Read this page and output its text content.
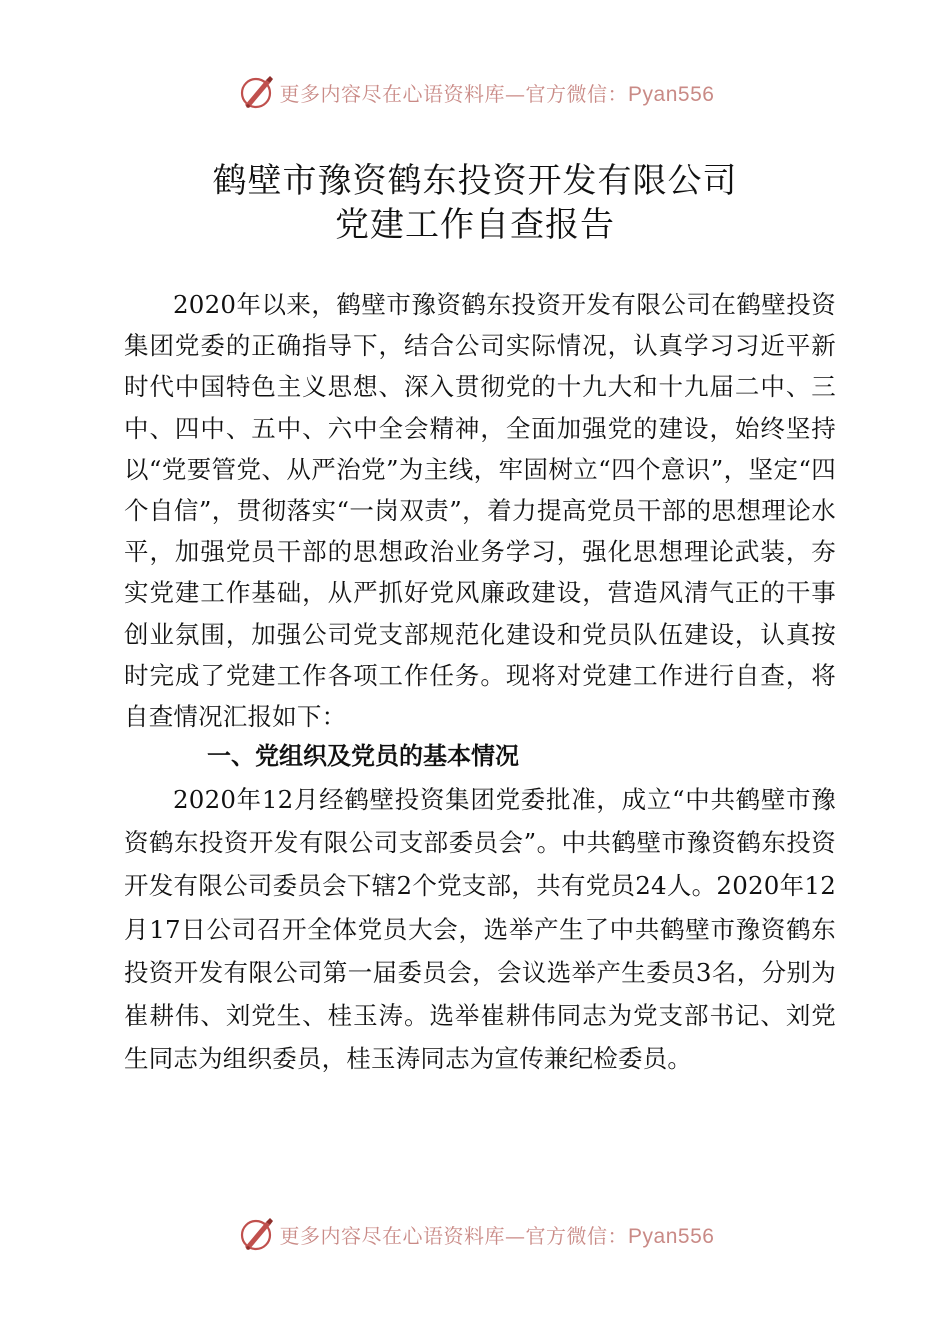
更多内容尽在心语资料库—官方微信：Pyan556
鹤壁市豫资鹤东投资开发有限公司
党建工作自查报告

2020年以来，鹤壁市豫资鹤东投资开发有限公司在鹤壁投资集团党委的正确指导下，结合公司实际情况，认真学习习近平新时代中国特色主义思想、深入贯彻党的十九大和十九届二中、三中、四中、五中、六中全会精神，全面加强党的建设，始终坚持以“党要管党、从严治党”为主线，牢固树立“四个意识”，坚定“四个自信”，贯彻落实“一岗双责”，着力提高党员干部的思想理论水平，加强党员干部的思想政治业务学习，强化思想理论武装，夯实党建工作基础，从严抓好党风廉政建设，营造风清气正的干事创业氛围，加强公司党支部规范化建设和党员队伍建设，认真按时完成了党建工作各项工作任务。现将对党建工作进行自查，将自查情况汇报如下：

一、党组织及党员的基本情况

2020年12月经鹤壁投资集团党委批准，成立“中共鹤壁市豫资鹤东投资开发有限公司支部委员会”。中共鹤壁市豫资鹤东投资开发有限公司委员会下辖2个党支部，共有党员24人。2020年12月17日公司召开全体党员大会，选举产生了中共鹤壁市豫资鹤东投资开发有限公司第一届委员会，会议选举产生委员3名，分别为崔耕伟、刘党生、桂玉涛。选举崔耕伟同志为党支部书记、刘党生同志为组织委员，桂玉涛同志为宣传兼纪检委员。

更多内容尽在心语资料库—官方微信：Pyan556
